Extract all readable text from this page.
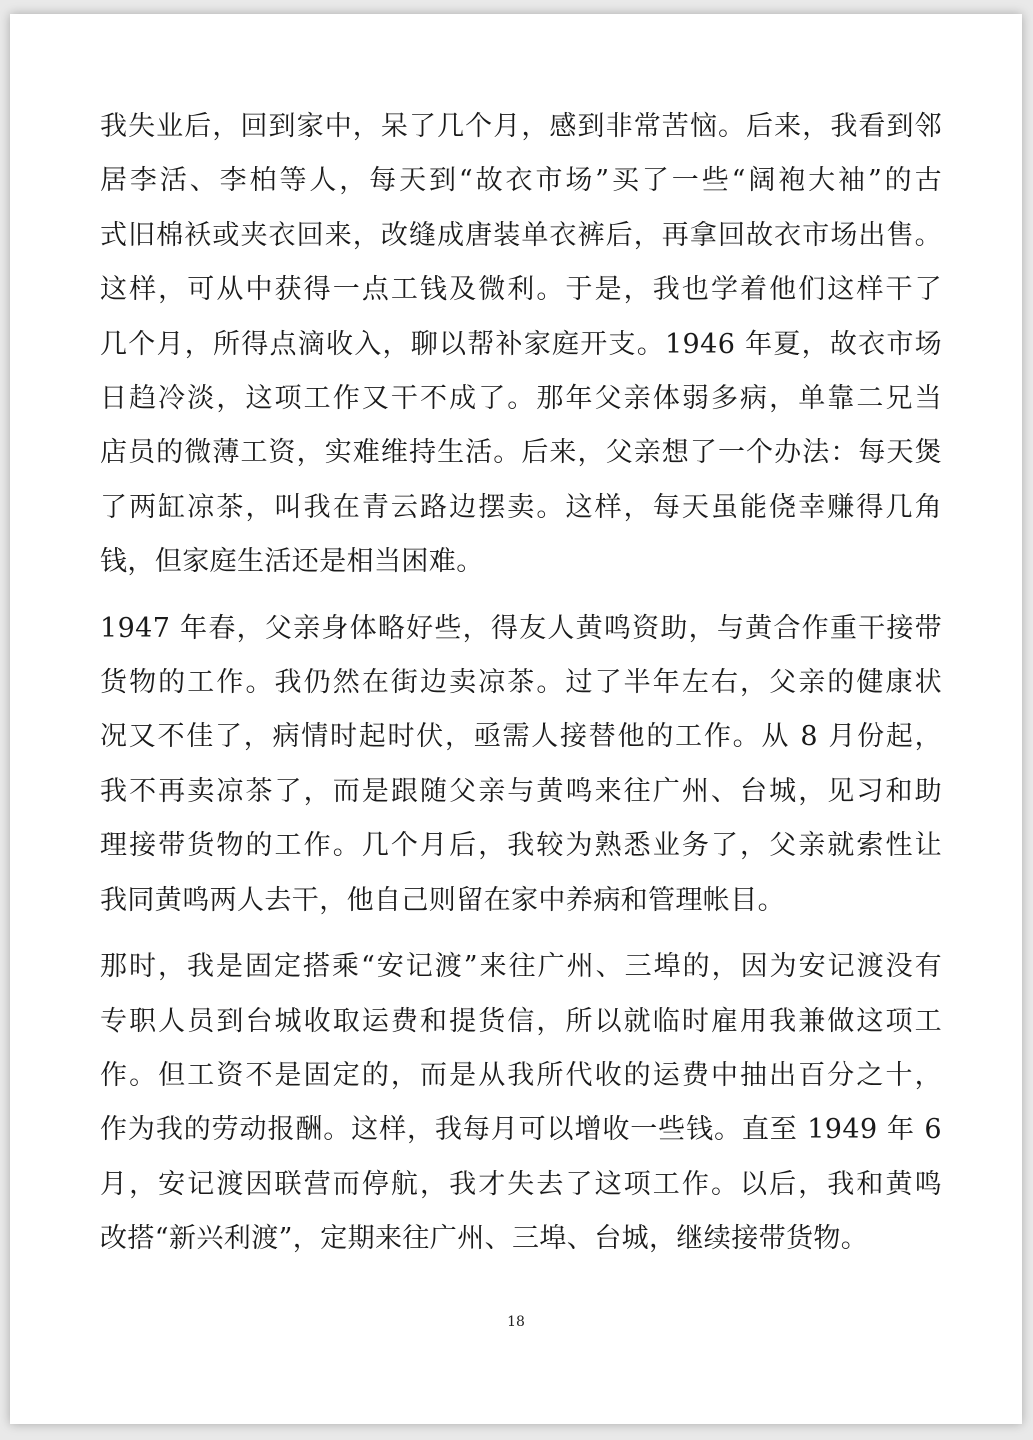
我失业后，回到家中，呆了几个月，感到非常苦恼。后来，我看到邻
居李活、李柏等人，每天到“故衣市场”买了一些“阔袍大袖”的古
式旧棉袄或夹衣回来，改缝成唐装单衣裤后，再拿回故衣市场出售。
这样，可从中获得一点工钱及微利。于是，我也学着他们这样干了
几个月，所得点滴收入，聊以帮补家庭开支。1946 年夏，故衣市场
日趋冷淡，这项工作又干不成了。那年父亲体弱多病，单靠二兄当
店员的微薄工资，实难维持生活。后来，父亲想了一个办法：每天煲
了两缸凉茶，叫我在青云路边摆卖。这样，每天虽能侥幸赚得几角
钱，但家庭生活还是相当困难。

1947 年春，父亲身体略好些，得友人黄鸣资助，与黄合作重干接带
货物的工作。我仍然在街边卖凉茶。过了半年左右，父亲的健康状
况又不佳了，病情时起时伏，亟需人接替他的工作。从 8 月份起，
我不再卖凉茶了，而是跟随父亲与黄鸣来往广州、台城，见习和助
理接带货物的工作。几个月后，我较为熟悉业务了，父亲就索性让
我同黄鸣两人去干，他自己则留在家中养病和管理帐目。

那时，我是固定搭乘“安记渡”来往广州、三埠的，因为安记渡没有
专职人员到台城收取运费和提货信，所以就临时雇用我兼做这项工
作。但工资不是固定的，而是从我所代收的运费中抽出百分之十，
作为我的劳动报酬。这样，我每月可以增收一些钱。直至 1949 年 6
月，安记渡因联营而停航，我才失去了这项工作。以后，我和黄鸣
改搭“新兴利渡”，定期来往广州、三埠、台城，继续接带货物。

18
